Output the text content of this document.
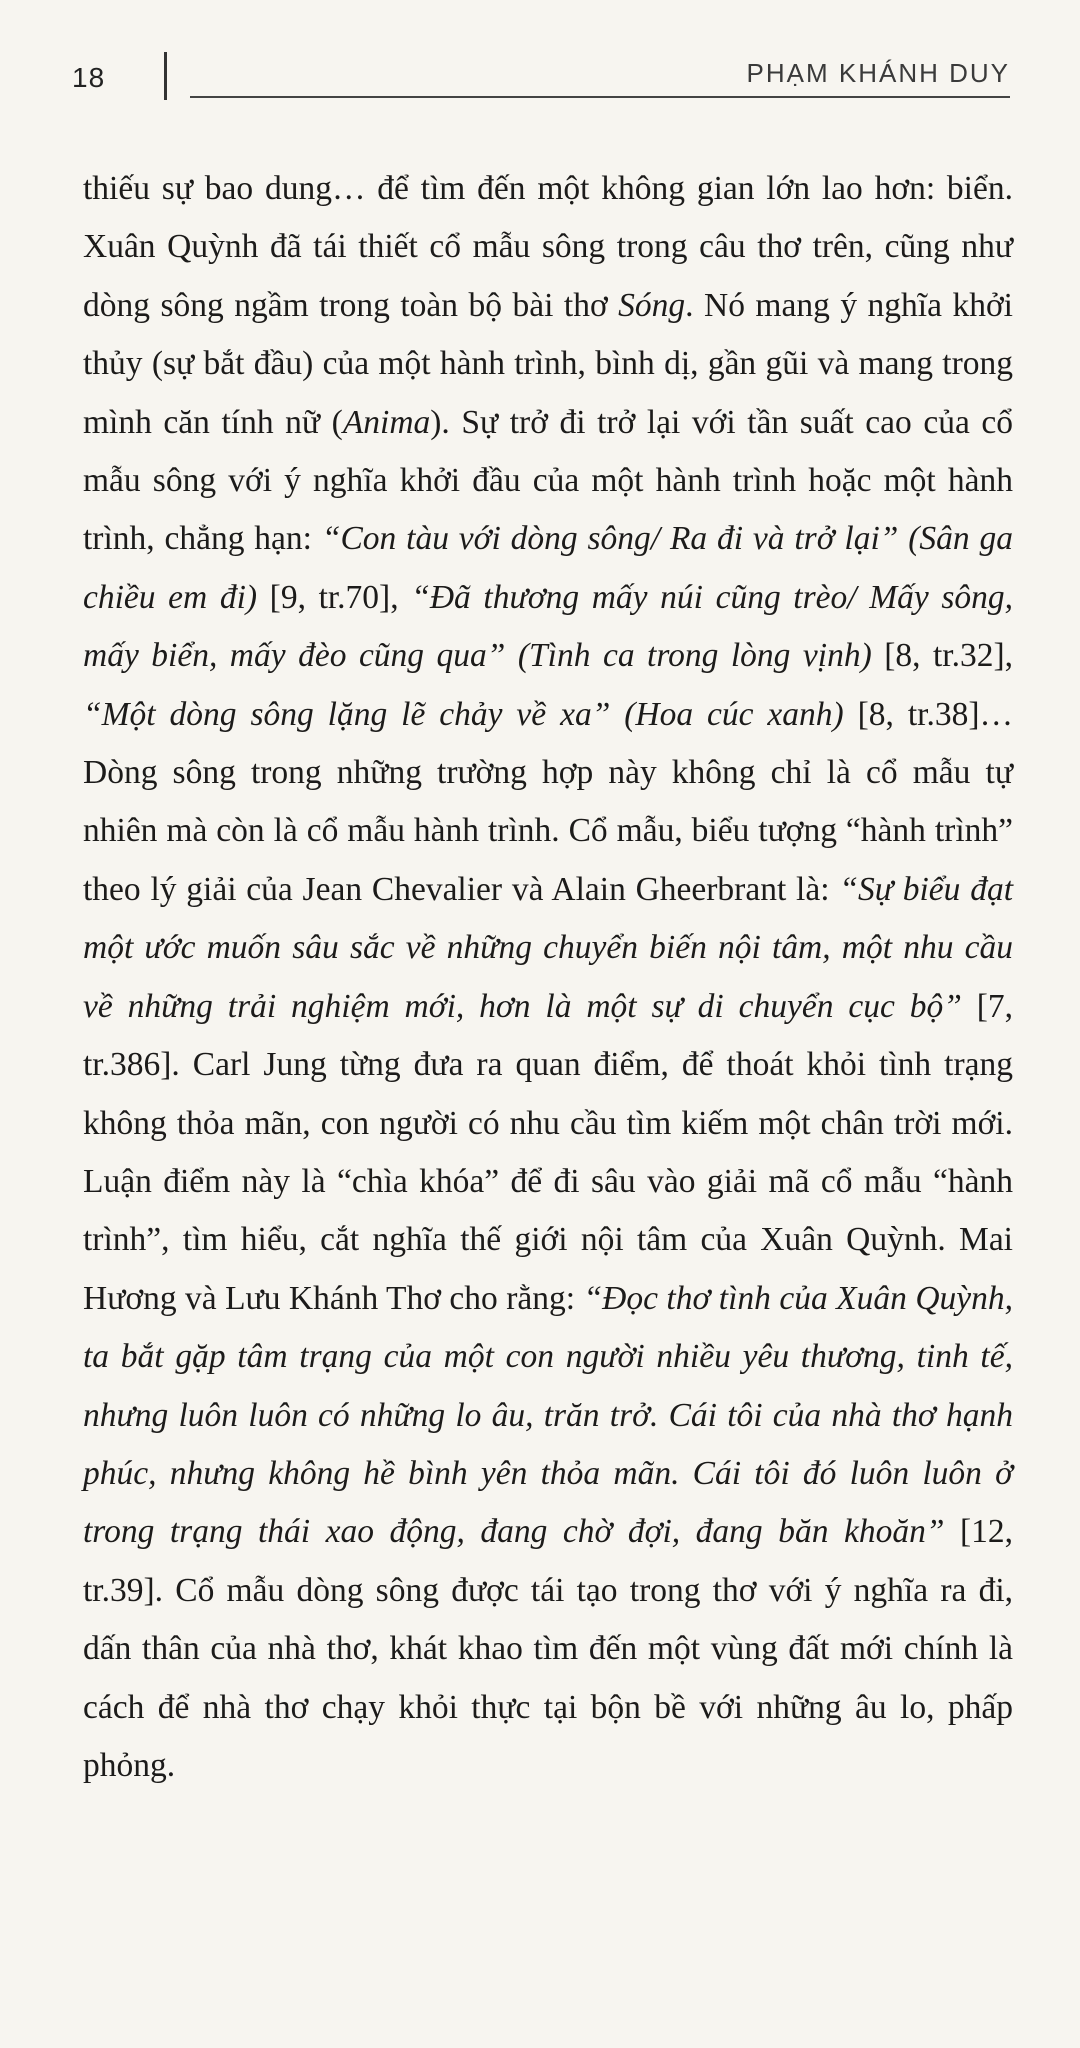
18	PHẠM KHÁNH DUY

thiếu sự bao dung… để tìm đến một không gian lớn lao hơn: biển. Xuân Quỳnh đã tái thiết cổ mẫu sông trong câu thơ trên, cũng như dòng sông ngầm trong toàn bộ bài thơ Sóng. Nó mang ý nghĩa khởi thủy (sự bắt đầu) của một hành trình, bình dị, gần gũi và mang trong mình căn tính nữ (Anima). Sự trở đi trở lại với tần suất cao của cổ mẫu sông với ý nghĩa khởi đầu của một hành trình hoặc một hành trình, chẳng hạn: “Con tàu với dòng sông/ Ra đi và trở lại” (Sân ga chiều em đi) [9, tr.70], “Đã thương mấy núi cũng trèo/ Mấy sông, mấy biển, mấy đèo cũng qua” (Tình ca trong lòng vịnh) [8, tr.32], “Một dòng sông lặng lẽ chảy về xa” (Hoa cúc xanh) [8, tr.38]… Dòng sông trong những trường hợp này không chỉ là cổ mẫu tự nhiên mà còn là cổ mẫu hành trình. Cổ mẫu, biểu tượng “hành trình” theo lý giải của Jean Chevalier và Alain Gheerbrant là: “Sự biểu đạt một ước muốn sâu sắc về những chuyển biến nội tâm, một nhu cầu về những trải nghiệm mới, hơn là một sự di chuyển cục bộ” [7, tr.386]. Carl Jung từng đưa ra quan điểm, để thoát khỏi tình trạng không thỏa mãn, con người có nhu cầu tìm kiếm một chân trời mới. Luận điểm này là “chìa khóa” để đi sâu vào giải mã cổ mẫu “hành trình”, tìm hiểu, cắt nghĩa thế giới nội tâm của Xuân Quỳnh. Mai Hương và Lưu Khánh Thơ cho rằng: “Đọc thơ tình của Xuân Quỳnh, ta bắt gặp tâm trạng của một con người nhiều yêu thương, tinh tế, nhưng luôn luôn có những lo âu, trăn trở. Cái tôi của nhà thơ hạnh phúc, nhưng không hề bình yên thỏa mãn. Cái tôi đó luôn luôn ở trong trạng thái xao động, đang chờ đợi, đang băn khoăn” [12, tr.39]. Cổ mẫu dòng sông được tái tạo trong thơ với ý nghĩa ra đi, dấn thân của nhà thơ, khát khao tìm đến một vùng đất mới chính là cách để nhà thơ chạy khỏi thực tại bộn bề với những âu lo, phấp phỏng.
